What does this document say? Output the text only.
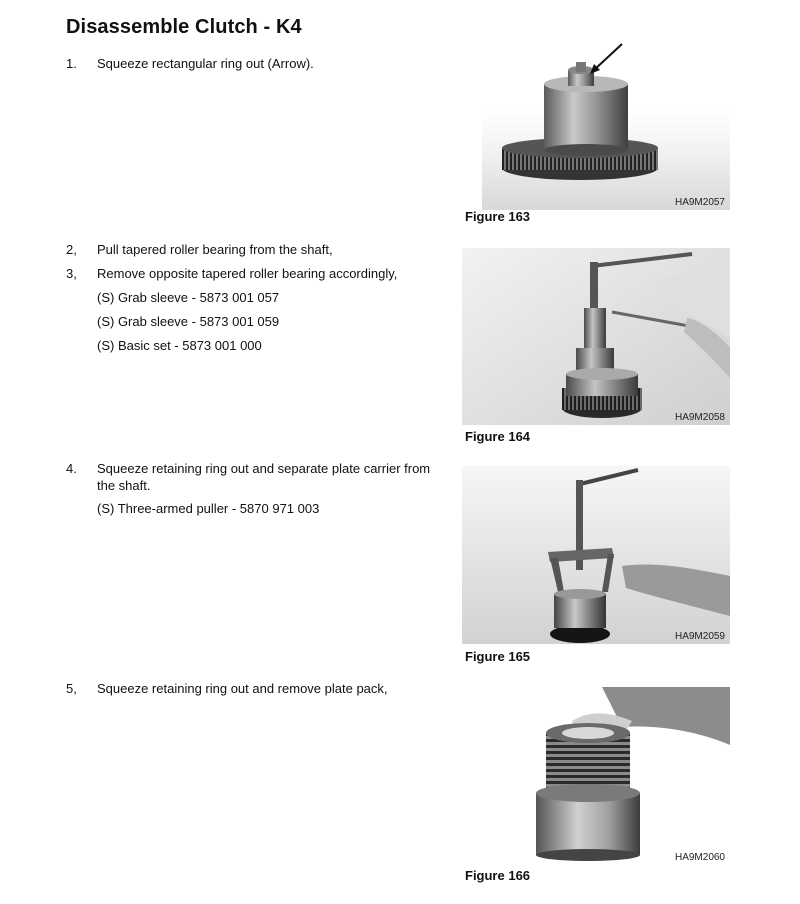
Disassemble Clutch - K4
1.	Squeeze rectangular ring out (Arrow).
HA9M2057
Figure 163
2,	Pull tapered roller bearing from the shaft,
3,	Remove opposite tapered roller bearing accordingly,
(S) Grab sleeve - 5873 001 057
(S) Grab sleeve - 5873 001 059
(S) Basic set - 5873 001 000
HA9M2058
Figure 164
4.	Squeeze retaining ring out and separate plate carrier from the shaft.
(S) Three-armed puller - 5870 971 003
HA9M2059
Figure 165
5,	Squeeze retaining ring out and remove plate pack,
HA9M2060
Figure 166
